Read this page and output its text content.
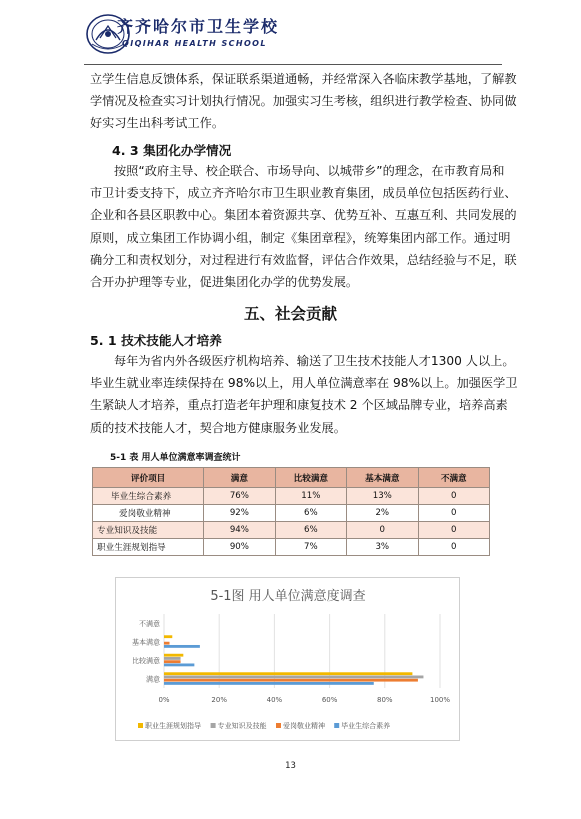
齐齐哈尔市卫生学校
QIQIHAR HEALTH SCHOOL
立学生信息反馈体系，保证联系渠道通畅，并经常深入各临床教学基地，了解教
学情况及检查实习计划执行情况。加强实习生考核，组织进行教学检查、协同做
好实习生出科考试工作。
4. 3 集团化办学情况
按照“政府主导、校企联合、市场导向、以城带乡”的理念，在市教育局和
市卫计委支持下，成立齐齐哈尔市卫生职业教育集团，成员单位包括医药行业、
企业和各县区职教中心。集团本着资源共享、优势互补、互惠互利、共同发展的
原则，成立集团工作协调小组，制定《集团章程》，统筹集团内部工作。通过明
确分工和责权划分，对过程进行有效监督，评估合作效果，总结经验与不足，联
合开办护理等专业，促进集团化办学的优势发展。
五、社会贡献
5. 1 技术技能人才培养
每年为省内外各级医疗机构培养、输送了卫生技术技能人才1300 人以上。
毕业生就业率连续保持在 98%以上，用人单位满意率在 98%以上。加强医学卫
生紧缺人才培养，重点打造老年护理和康复技术 2 个区域品牌专业，培养高素
质的技术技能人才，契合地方健康服务业发展。
5-1 表 用人单位满意率调查统计
评价项目	满意	比较满意	基本满意	不满意
毕业生综合素养	76%	11%	13%	0
爱岗敬业精神	92%	6%	2%	0
专业知识及技能	94%	6%	0	0
职业生涯规划指导	90%	7%	3%	0
5-1图 用人单位满意度调查
满意
比较满意
基本满意
不满意
0%	20%	40%	60%	80%	100%
职业生涯规划指导 专业知识及技能 爱岗敬业精神 毕业生综合素养
13
